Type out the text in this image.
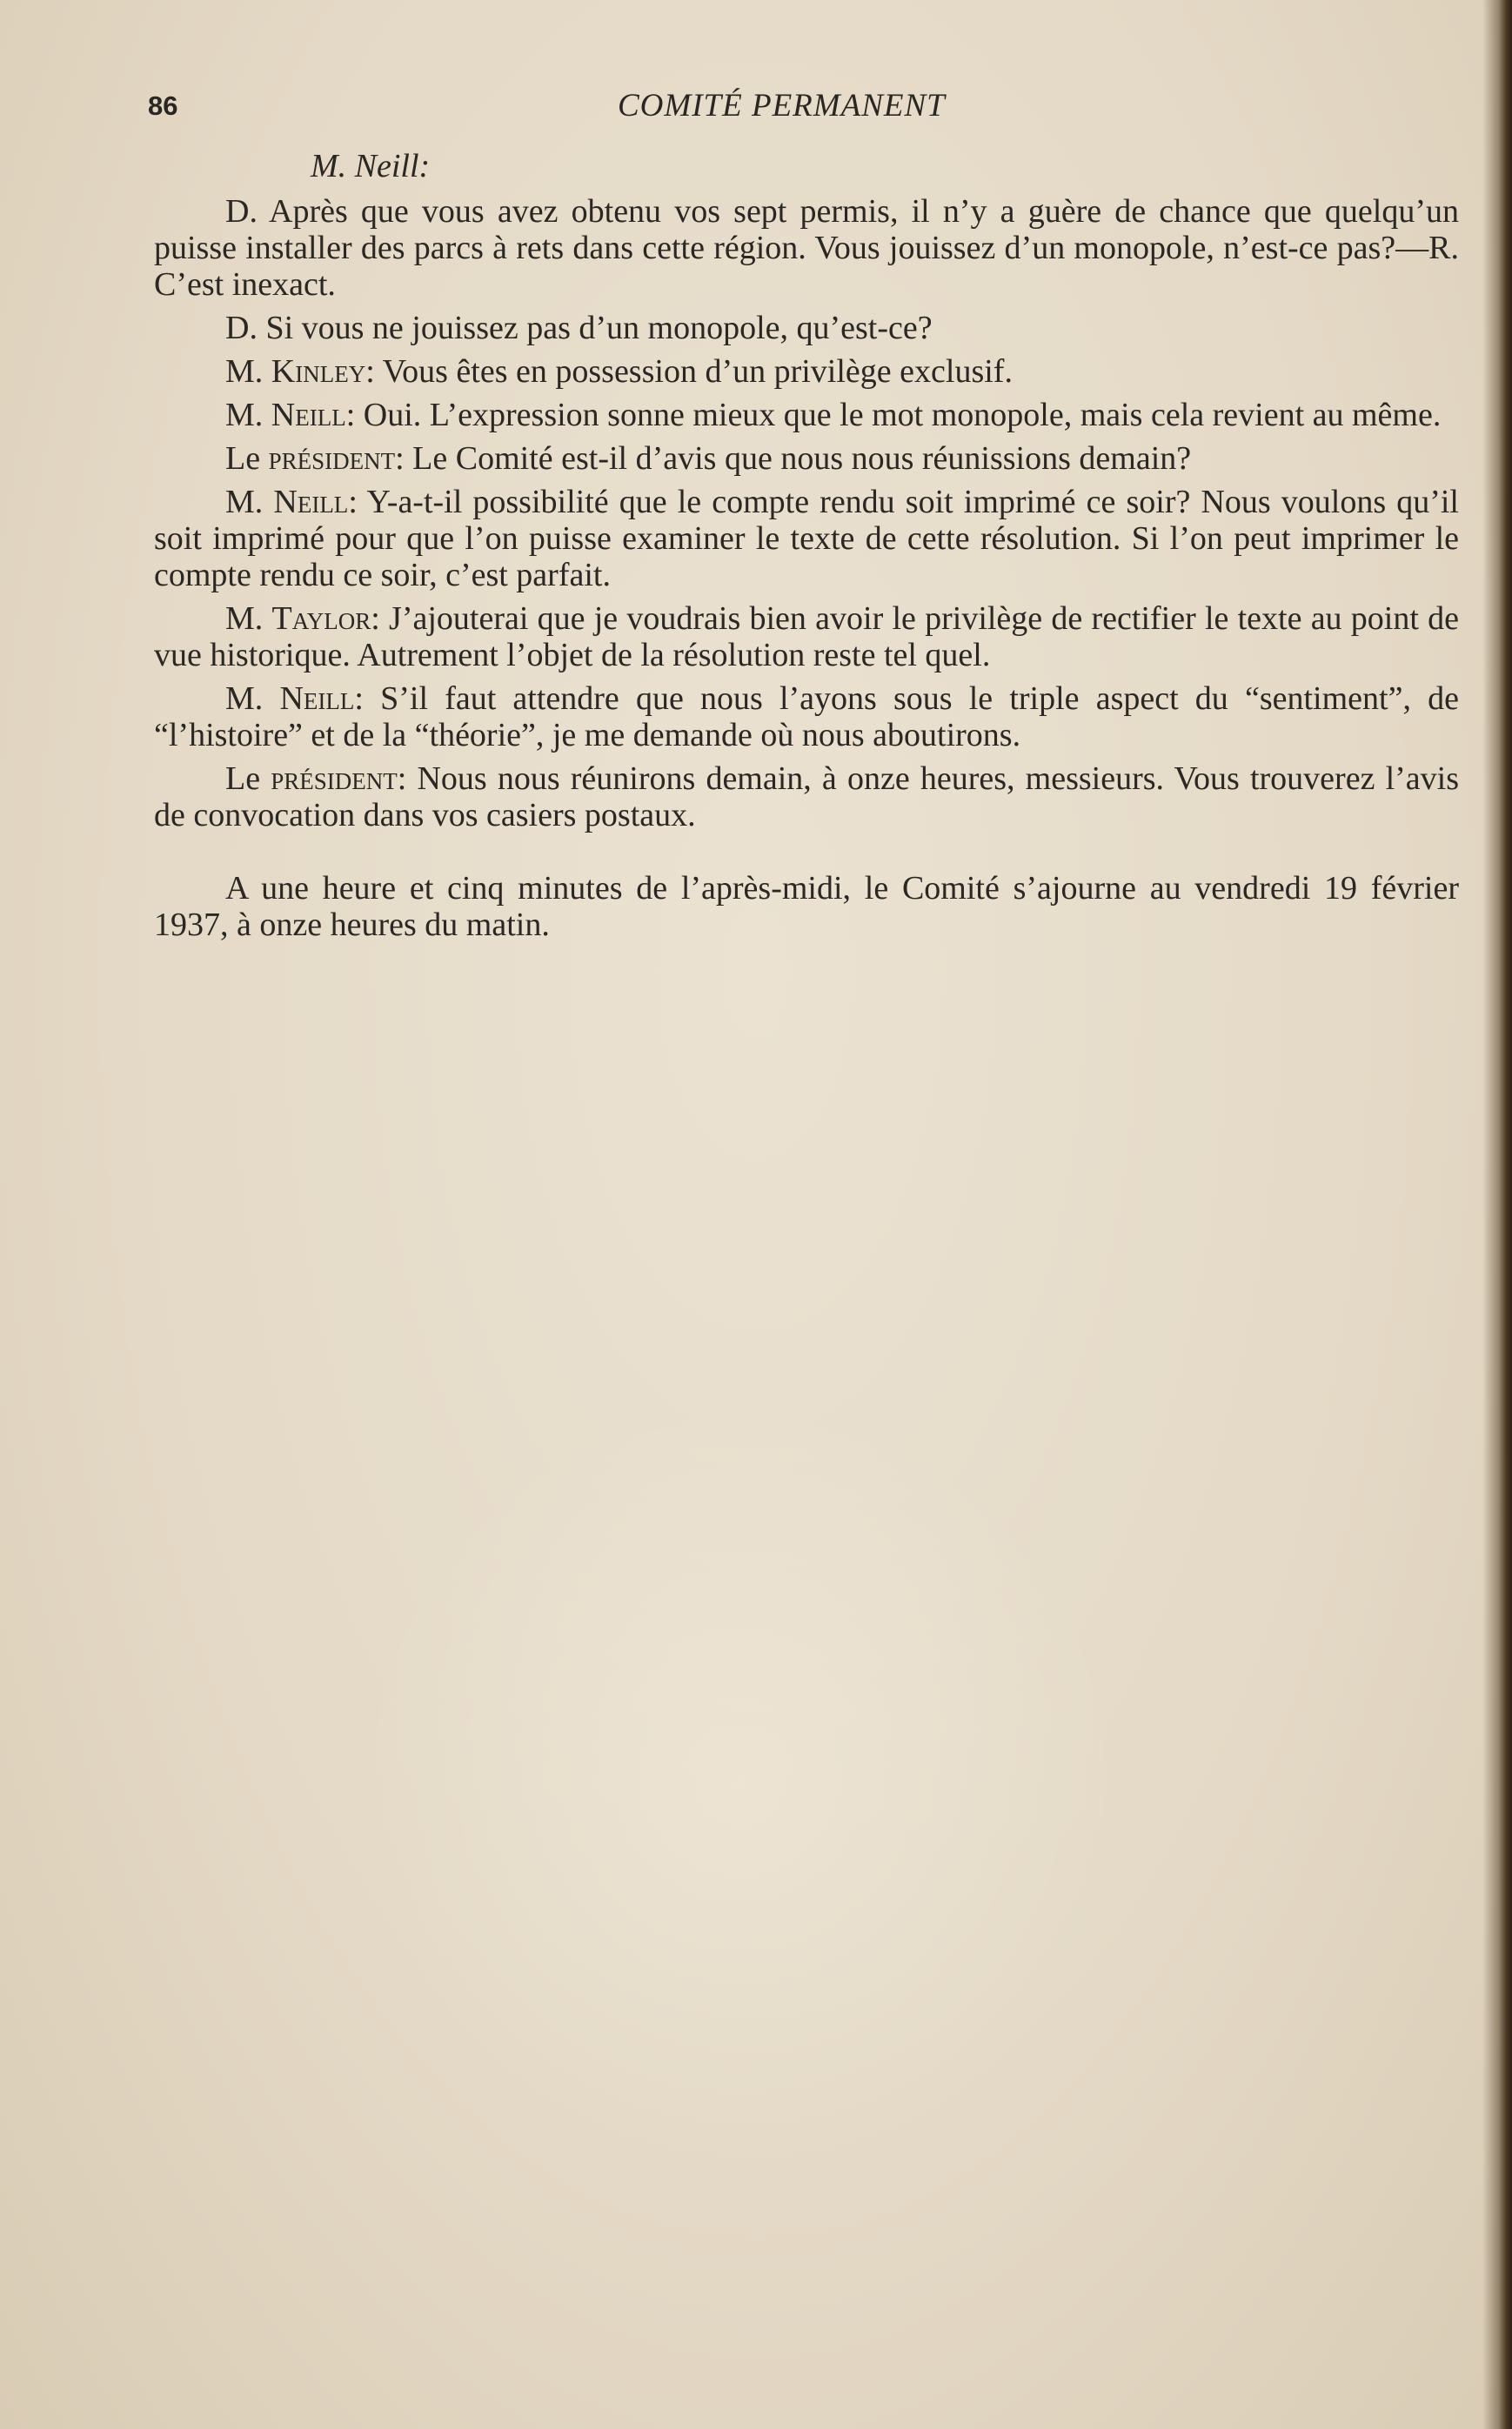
86	COMITÉ PERMANENT

M. Neill:

D. Après que vous avez obtenu vos sept permis, il n’y a guère de chance que quelqu’un puisse installer des parcs à rets dans cette région. Vous jouissez d’un monopole, n’est-ce pas?—R. C’est inexact.

D. Si vous ne jouissez pas d’un monopole, qu’est-ce?

M. Kinley: Vous êtes en possession d’un privilège exclusif.

M. Neill: Oui. L’expression sonne mieux que le mot monopole, mais cela revient au même.

Le président: Le Comité est-il d’avis que nous nous réunissions demain?

M. Neill: Y-a-t-il possibilité que le compte rendu soit imprimé ce soir? Nous voulons qu’il soit imprimé pour que l’on puisse examiner le texte de cette résolution. Si l’on peut imprimer le compte rendu ce soir, c’est parfait.

M. Taylor: J’ajouterai que je voudrais bien avoir le privilège de rectifier le texte au point de vue historique. Autrement l’objet de la résolution reste tel quel.

M. Neill: S’il faut attendre que nous l’ayons sous le triple aspect du “sentiment”, de “l’histoire” et de la “théorie”, je me demande où nous aboutirons.

Le président: Nous nous réunirons demain, à onze heures, messieurs. Vous trouverez l’avis de convocation dans vos casiers postaux.

A une heure et cinq minutes de l’après-midi, le Comité s’ajourne au vendredi 19 février 1937, à onze heures du matin.
